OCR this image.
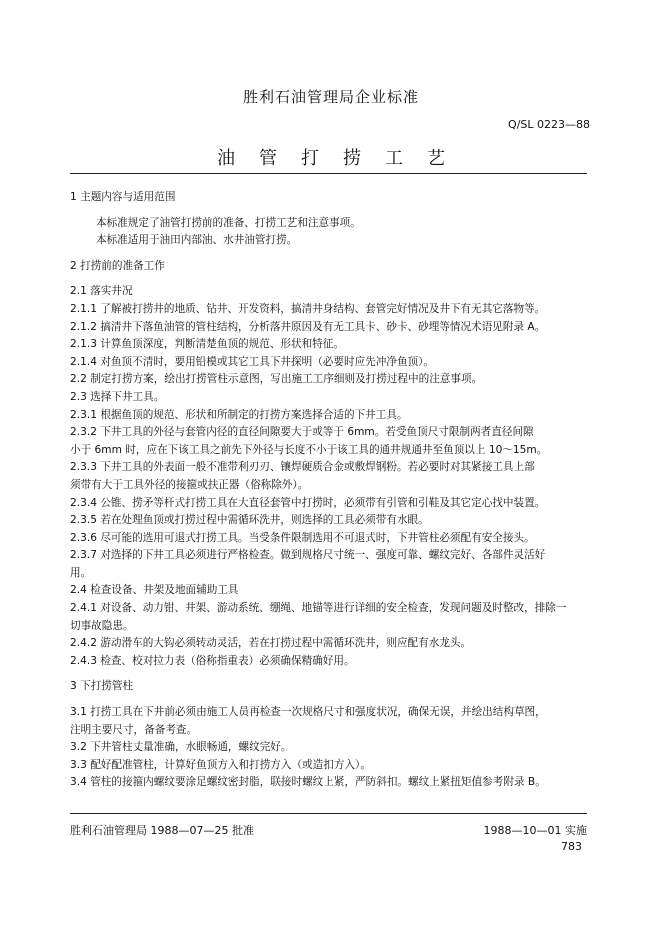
胜利石油管理局企业标准
Q/SL 0223—88
油管打捞工艺

1 主题内容与适用范围

本标准规定了油管打捞前的准备、打捞工艺和注意事项。

本标准适用于油田内部油、水井油管打捞。

2 打捞前的准备工作

2.1 落实井况

2.1.1 了解被打捞井的地质、钻井、开发资料，搞清井身结构、套管完好情况及井下有无其它落物等。

2.1.2 搞清井下落鱼油管的管柱结构，分析落井原因及有无工具卡、砂卡、砂埋等情况术语见附录 A。

2.1.3 计算鱼顶深度，判断清楚鱼顶的规范、形状和特征。

2.1.4 对鱼顶不清时，要用铅模或其它工具下井探明（必要时应先冲净鱼顶）。

2.2 制定打捞方案，绘出打捞管柱示意图，写出施工工序细则及打捞过程中的注意事项。

2.3 选择下井工具。

2.3.1 根据鱼顶的规范、形状和所制定的打捞方案选择合适的下井工具。

2.3.2 下井工具的外径与套管内径的直径间隙要大于或等于 6mm。若受鱼顶尺寸限制两者直径间隙

小于 6mm 时，应在下该工具之前先下外径与长度不小于该工具的通井规通井至鱼顶以上 10～15m。

2.3.3 下井工具的外表面一般不准带利刃刃、镶焊硬质合金或敷焊钢粉。若必要时对其紧接工具上部

须带有大于工具外径的接箍或扶正器（俗称除外）。

2.3.4 公锥、捞矛等杆式打捞工具在大直径套管中打捞时，必须带有引管和引鞋及其它定心找中装置。

2.3.5 若在处理鱼顶或打捞过程中需循环洗井，则选择的工具必须带有水眼。

2.3.6 尽可能的选用可退式打捞工具。当受条件限制选用不可退式时，下井管柱必须配有安全接头。

2.3.7 对选择的下井工具必须进行严格检查。做到规格尺寸统一、强度可靠、螺纹完好、各部件灵活好

用。

2.4 检查设备、井架及地面辅助工具

2.4.1 对设备、动力钳、井架、游动系统、绷绳、地锚等进行详细的安全检查，发现问题及时整改，排除一

切事故隐患。

2.4.2 游动滑车的大钩必须转动灵活，若在打捞过程中需循环洗井，则应配有水龙头。

2.4.3 检查、校对拉力表（俗称指重表）必须确保精确好用。

3 下打捞管柱

3.1 打捞工具在下井前必须由施工人员再检查一次规格尺寸和强度状况，确保无误，并绘出结构草图，

注明主要尺寸，备备考查。

3.2 下井管柱丈量准确，水眼畅通，螺纹完好。

3.3 配好配准管柱，计算好鱼顶方入和打捞方入（或造扣方入）。

3.4 管柱的接箍内螺纹要涂足螺纹密封脂，联接时螺纹上紧，严防斜扣。螺纹上紧扭矩值参考附录 B。

胜利石油管理局 1988—07—25 批准	1988—10—01 实施
783
